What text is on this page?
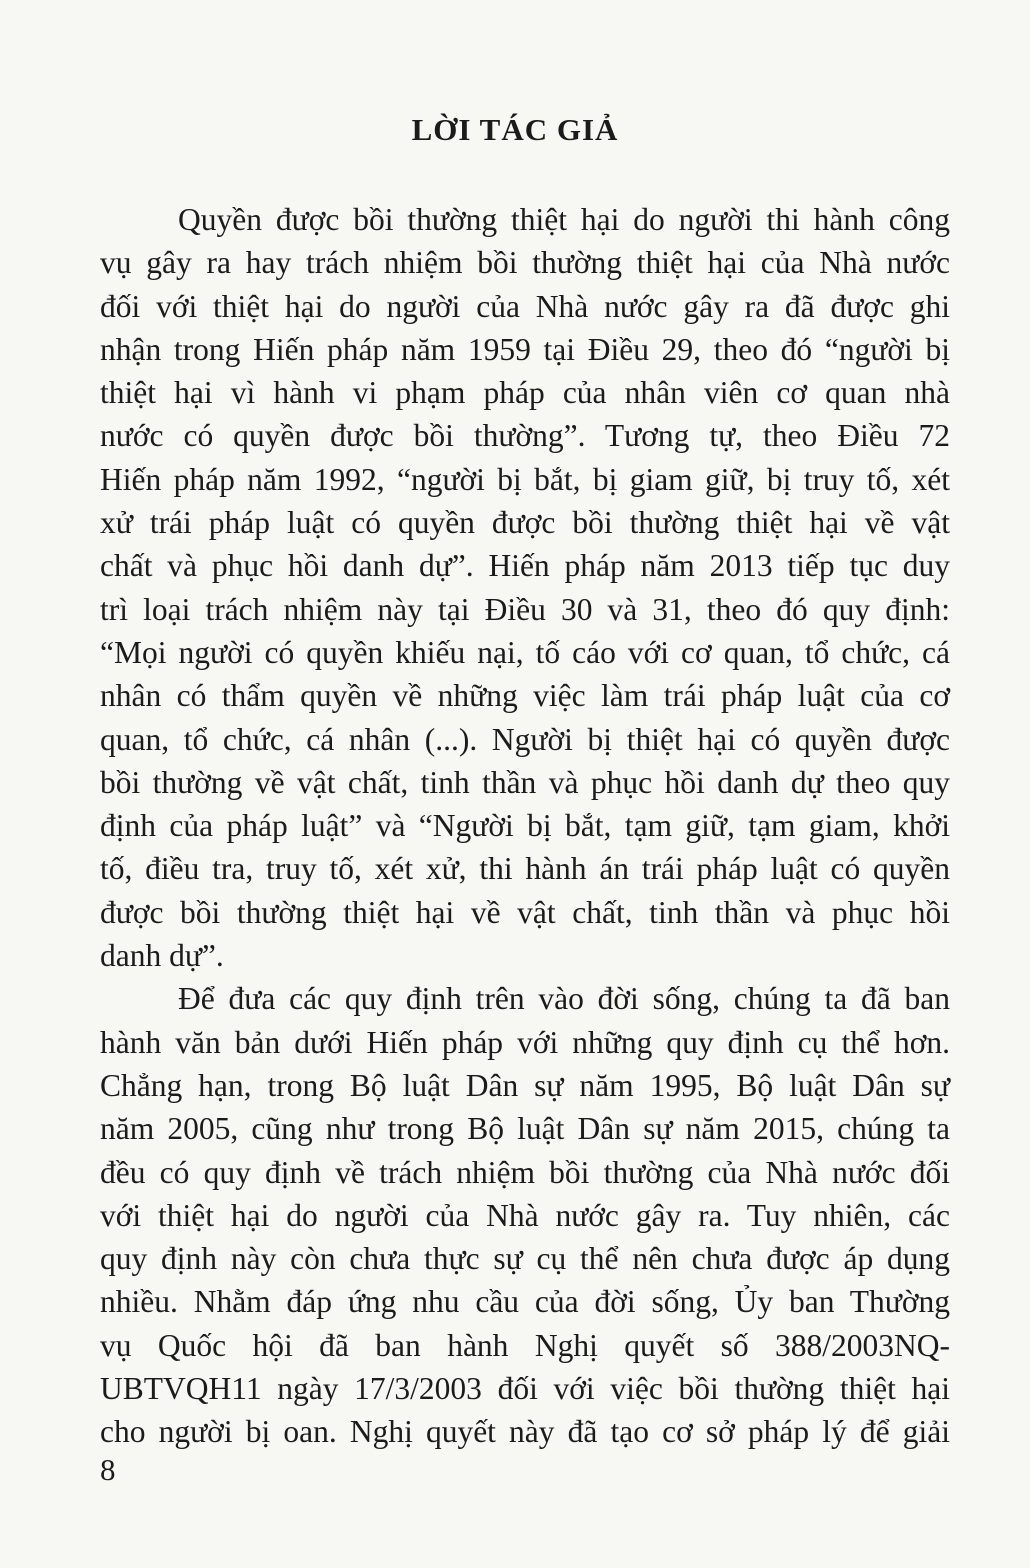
LỜI TÁC GIẢ
Quyền được bồi thường thiệt hại do người thi hành công
vụ gây ra hay trách nhiệm bồi thường thiệt hại của Nhà nước
đối với thiệt hại do người của Nhà nước gây ra đã được ghi
nhận trong Hiến pháp năm 1959 tại Điều 29, theo đó “người bị
thiệt hại vì hành vi phạm pháp của nhân viên cơ quan nhà
nước có quyền được bồi thường”. Tương tự, theo Điều 72
Hiến pháp năm 1992, “người bị bắt, bị giam giữ, bị truy tố, xét
xử trái pháp luật có quyền được bồi thường thiệt hại về vật
chất và phục hồi danh dự”. Hiến pháp năm 2013 tiếp tục duy
trì loại trách nhiệm này tại Điều 30 và 31, theo đó quy định:
“Mọi người có quyền khiếu nại, tố cáo với cơ quan, tổ chức, cá
nhân có thẩm quyền về những việc làm trái pháp luật của cơ
quan, tổ chức, cá nhân (...). Người bị thiệt hại có quyền được
bồi thường về vật chất, tinh thần và phục hồi danh dự theo quy
định của pháp luật” và “Người bị bắt, tạm giữ, tạm giam, khởi
tố, điều tra, truy tố, xét xử, thi hành án trái pháp luật có quyền
được bồi thường thiệt hại về vật chất, tinh thần và phục hồi
danh dự”.
Để đưa các quy định trên vào đời sống, chúng ta đã ban
hành văn bản dưới Hiến pháp với những quy định cụ thể hơn.
Chẳng hạn, trong Bộ luật Dân sự năm 1995, Bộ luật Dân sự
năm 2005, cũng như trong Bộ luật Dân sự năm 2015, chúng ta
đều có quy định về trách nhiệm bồi thường của Nhà nước đối
với thiệt hại do người của Nhà nước gây ra. Tuy nhiên, các
quy định này còn chưa thực sự cụ thể nên chưa được áp dụng
nhiều. Nhằm đáp ứng nhu cầu của đời sống, Ủy ban Thường
vụ Quốc hội đã ban hành Nghị quyết số 388/2003NQ-
UBTVQH11 ngày 17/3/2003 đối với việc bồi thường thiệt hại
cho người bị oan. Nghị quyết này đã tạo cơ sở pháp lý để giải
8
